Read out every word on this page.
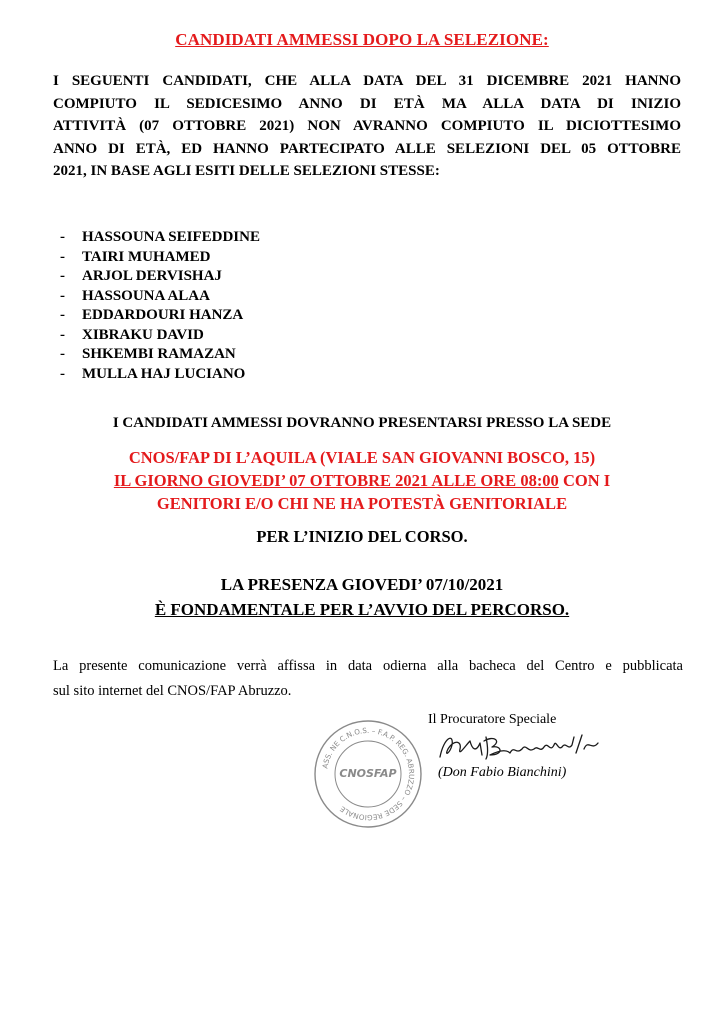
CANDIDATI AMMESSI DOPO LA SELEZIONE:
I SEGUENTI CANDIDATI, CHE ALLA DATA DEL 31 DICEMBRE 2021 HANNO
COMPIUTO IL SEDICESIMO ANNO DI ETÀ MA ALLA DATA DI INIZIO
ATTIVITÀ (07 OTTOBRE 2021) NON AVRANNO COMPIUTO IL DICIOTTESIMO
ANNO DI ETÀ, ED HANNO PARTECIPATO ALLE SELEZIONI DEL 05 OTTOBRE
2021, IN BASE AGLI ESITI DELLE SELEZIONI STESSE:
- HASSOUNA SEIFEDDINE
- TAIRI MUHAMED
- ARJOL DERVISHAJ
- HASSOUNA ALAA
- EDDARDOURI HANZA
- XIBRAKU DAVID
- SHKEMBI RAMAZAN
- MULLA HAJ LUCIANO
I CANDIDATI AMMESSI DOVRANNO PRESENTARSI PRESSO LA SEDE
CNOS/FAP DI L’AQUILA (VIALE SAN GIOVANNI BOSCO, 15)
IL GIORNO GIOVEDI’ 07 OTTOBRE 2021 ALLE ORE 08:00 CON I
GENITORI E/O CHI NE HA POTESTÀ GENITORIALE
PER L’INIZIO DEL CORSO.
LA PRESENZA GIOVEDI’ 07/10/2021
È FONDAMENTALE PER L’AVVIO DEL PERCORSO.
La presente comunicazione verrà affissa in data odierna alla bacheca del Centro e pubblicata
sul sito internet del CNOS/FAP Abruzzo.
Il Procuratore Speciale
ASS. NE C.N.O.S. – F.A.P. REG. ABRUZZO – SEDE REGIONALE
CNOSFAP	(Don Fabio Bianchini)
